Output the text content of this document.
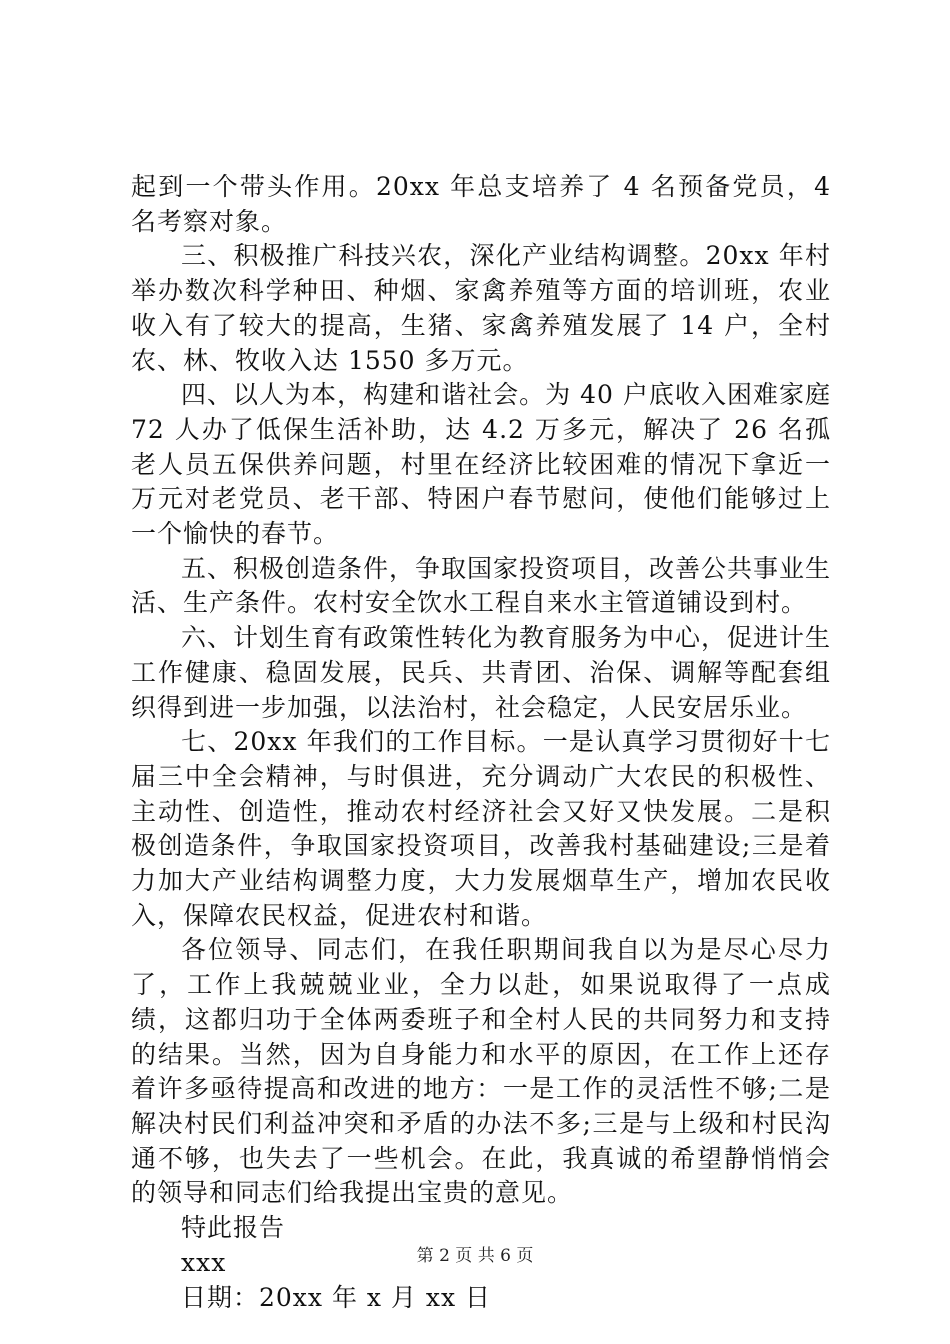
起到一个带头作用。20xx 年总支培养了 4 名预备党员，4 名考察对象。

三、积极推广科技兴农，深化产业结构调整。20xx 年村举办数次科学种田、种烟、家禽养殖等方面的培训班，农业收入有了较大的提高，生猪、家禽养殖发展了 14 户，全村农、林、牧收入达 1550 多万元。

四、以人为本，构建和谐社会。为 40 户底收入困难家庭 72 人办了低保生活补助，达 4.2 万多元，解决了 26 名孤老人员五保供养问题，村里在经济比较困难的情况下拿近一万元对老党员、老干部、特困户春节慰问，使他们能够过上一个愉快的春节。

五、积极创造条件，争取国家投资项目，改善公共事业生活、生产条件。农村安全饮水工程自来水主管道铺设到村。

六、计划生育有政策性转化为教育服务为中心，促进计生工作健康、稳固发展，民兵、共青团、治保、调解等配套组织得到进一步加强，以法治村，社会稳定，人民安居乐业。

七、20xx 年我们的工作目标。一是认真学习贯彻好十七届三中全会精神，与时俱进，充分调动广大农民的积极性、主动性、创造性，推动农村经济社会又好又快发展。二是积极创造条件，争取国家投资项目，改善我村基础建设;三是着力加大产业结构调整力度，大力发展烟草生产，增加农民收入，保障农民权益，促进农村和谐。

各位领导、同志们，在我任职期间我自以为是尽心尽力了，工作上我兢兢业业，全力以赴，如果说取得了一点成绩，这都归功于全体两委班子和全村人民的共同努力和支持的结果。当然，因为自身能力和水平的原因，在工作上还存着许多亟待提高和改进的地方：一是工作的灵活性不够;二是解决村民们利益冲突和矛盾的办法不多;三是与上级和村民沟通不够，也失去了一些机会。在此，我真诚的希望静悄悄会的领导和同志们给我提出宝贵的意见。

特此报告

xxx

日期：20xx 年 x 月 xx 日

第 2 页 共 6 页
